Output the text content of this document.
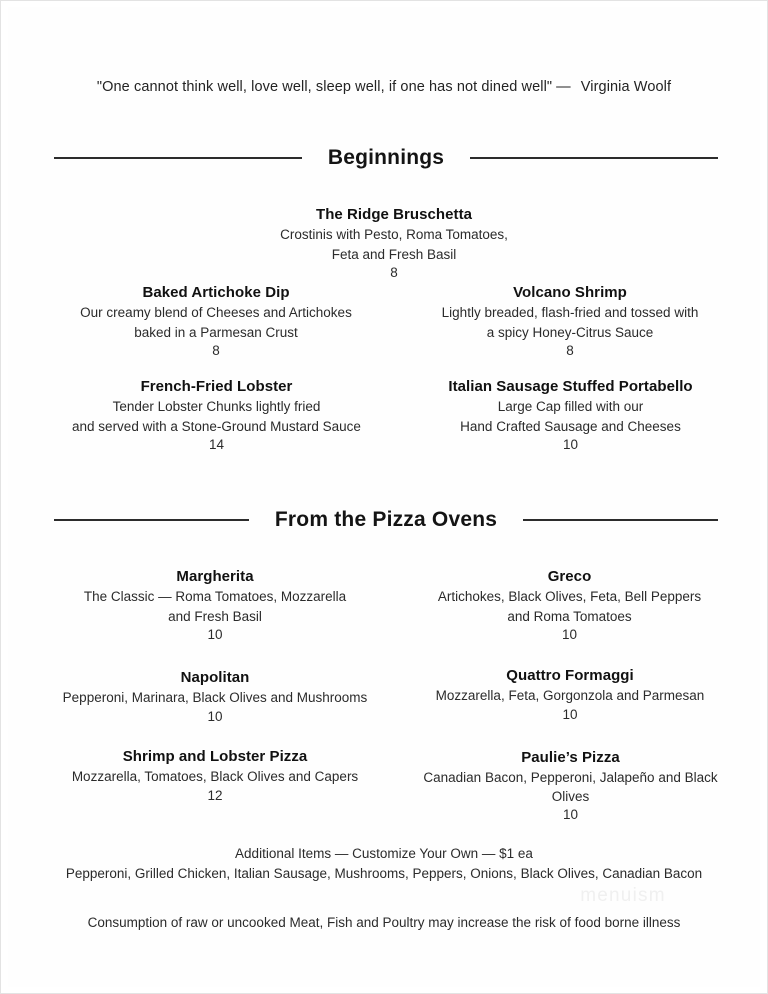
"One cannot think well, love well, sleep well, if one has not dined well" — Virginia Woolf
Beginnings
The Ridge Bruschetta
Crostinis with Pesto, Roma Tomatoes,
Feta and Fresh Basil
8
Baked Artichoke Dip
Our creamy blend of Cheeses and Artichokes
baked in a Parmesan Crust
8
Volcano Shrimp
Lightly breaded, flash-fried and tossed with
a spicy Honey-Citrus Sauce
8
French-Fried Lobster
Tender Lobster Chunks lightly fried
and served with a Stone-Ground Mustard Sauce
14
Italian Sausage Stuffed Portabello
Large Cap filled with our
Hand Crafted Sausage and Cheeses
10
From the Pizza Ovens
Margherita
The Classic — Roma Tomatoes, Mozzarella
and Fresh Basil
10
Greco
Artichokes, Black Olives, Feta, Bell Peppers
and Roma Tomatoes
10
Napolitan
Pepperoni, Marinara, Black Olives and Mushrooms
10
Quattro Formaggi
Mozzarella, Feta, Gorgonzola and Parmesan
10
Shrimp and Lobster Pizza
Mozzarella, Tomatoes, Black Olives and Capers
12
Paulie’s Pizza
Canadian Bacon, Pepperoni, Jalapeño and Black Olives
10
Additional Items — Customize Your Own — $1 ea
Pepperoni, Grilled Chicken, Italian Sausage, Mushrooms, Peppers, Onions, Black Olives, Canadian Bacon
menuism
Consumption of raw or uncooked Meat, Fish and Poultry may increase the risk of food borne illness
